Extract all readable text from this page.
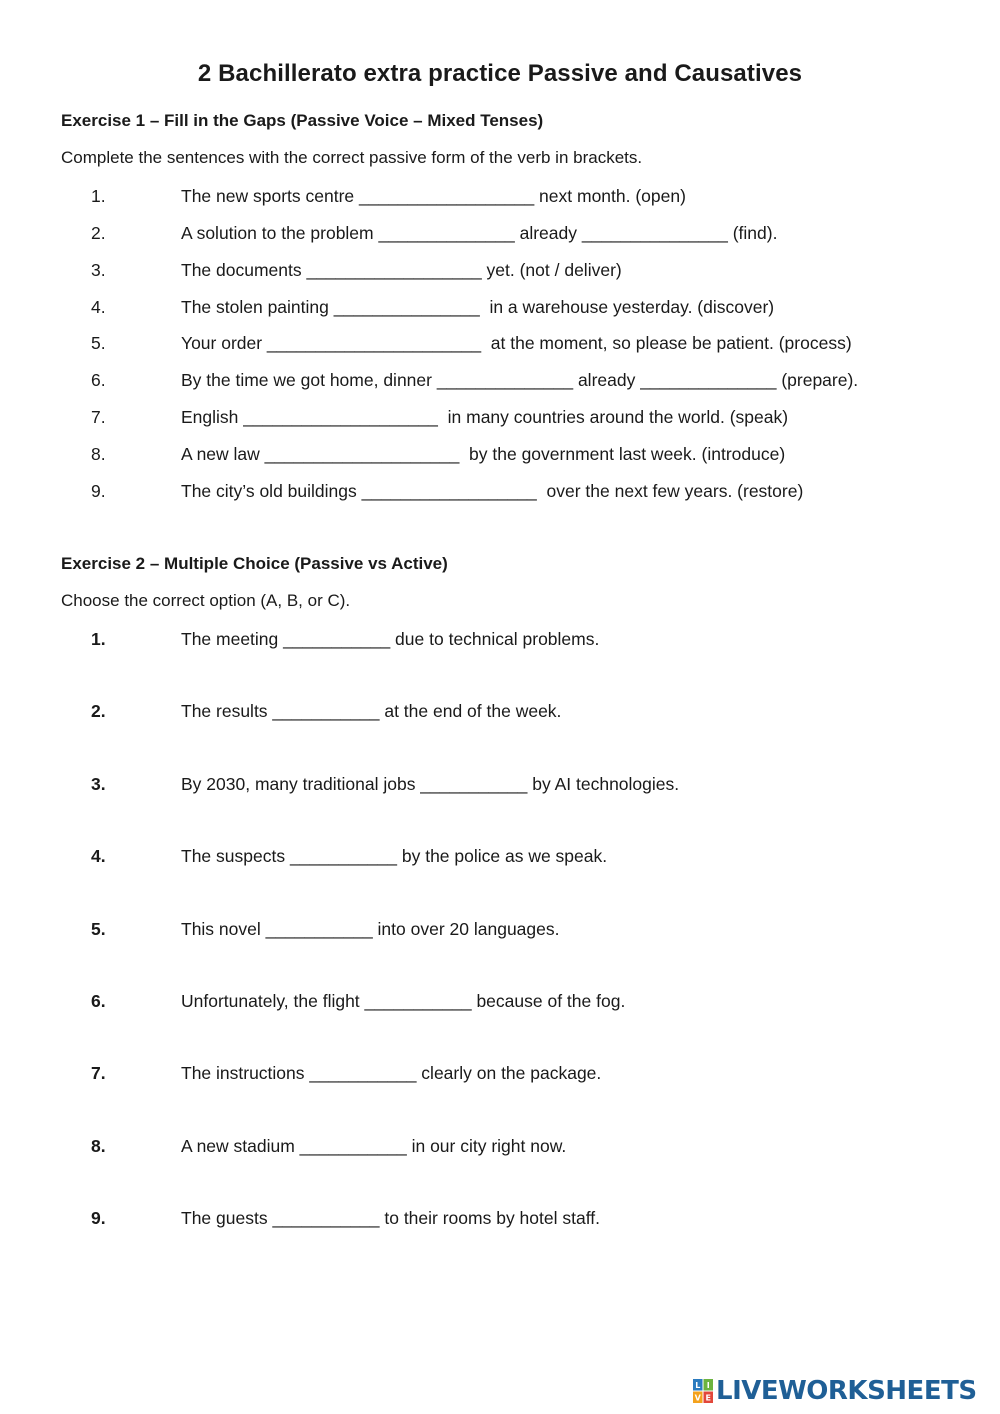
2 Bachillerato extra practice Passive and Causatives
Exercise 1 – Fill in the Gaps (Passive Voice – Mixed Tenses)
Complete the sentences with the correct passive form of the verb in brackets.
1.	The new sports centre __________________ next month. (open)
2.	A solution to the problem ______________ already _______________ (find).
3.	The documents __________________ yet. (not / deliver)
4.	The stolen painting _______________  in a warehouse yesterday. (discover)
5.	Your order ______________________  at the moment, so please be patient. (process)
6.	By the time we got home, dinner ______________ already ______________ (prepare).
7.	English ____________________  in many countries around the world. (speak)
8.	A new law ____________________  by the government last week. (introduce)
9.	The city’s old buildings __________________  over the next few years. (restore)
Exercise 2 – Multiple Choice (Passive vs Active)
Choose the correct option (A, B, or C).
1.	The meeting ___________ due to technical problems.
2.	The results ___________ at the end of the week.
3.	By 2030, many traditional jobs ___________ by AI technologies.
4.	The suspects ___________ by the police as we speak.
5.	This novel ___________ into over 20 languages.
6.	Unfortunately, the flight ___________ because of the fog.
7.	The instructions ___________ clearly on the package.
8.	A new stadium ___________ in our city right now.
9.	The guests ___________ to their rooms by hotel staff.
L I
V E LIVEWORKSHEETS
